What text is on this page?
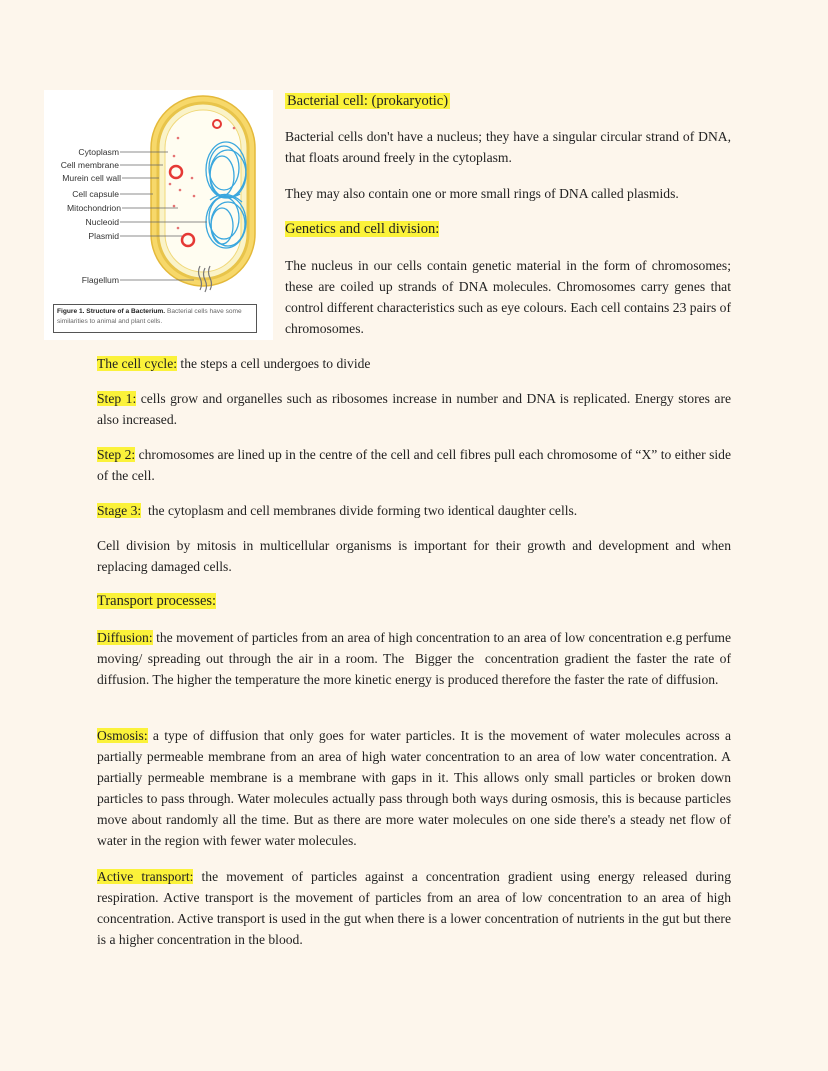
Cytoplasm
Cell membrane
Murein cell wall
Cell capsule
Mitochondrion
Nucleoid
Plasmid
Flagellum
Figure 1. Structure of a Bacterium. Bacterial cells have some similarities to animal and plant cells.

Bacterial cell: (prokaryotic)

Bacterial cells don't have a nucleus; they have a singular circular strand of DNA, that floats around freely in the cytoplasm.

They may also contain one or more small rings of DNA called plasmids.

Genetics and cell division:

The nucleus in our cells contain genetic material in the form of chromosomes; these are coiled up strands of DNA molecules. Chromosomes carry genes that control different characteristics such as eye colours. Each cell contains 23 pairs of chromosomes.

The cell cycle: the steps a cell undergoes to divide

Step 1: cells grow and organelles such as ribosomes increase in number and DNA is replicated. Energy stores are also increased.

Step 2: chromosomes are lined up in the centre of the cell and cell fibres pull each chromosome of “X” to either side of the cell.

Stage 3:  the cytoplasm and cell membranes divide forming two identical daughter cells.

Cell division by mitosis in multicellular organisms is important for their growth and development and when replacing damaged cells.

Transport processes:

Diffusion: the movement of particles from an area of high concentration to an area of low concentration e.g perfume moving/ spreading out through the air in a room. The  Bigger the  concentration gradient the faster the rate of diffusion. The higher the temperature the more kinetic energy is produced therefore the faster the rate of diffusion.

Osmosis: a type of diffusion that only goes for water particles. It is the movement of water molecules across a partially permeable membrane from an area of high water concentration to an area of low water concentration. A partially permeable membrane is a membrane with gaps in it. This allows only small particles or broken down particles to pass through. Water molecules actually pass through both ways during osmosis, this is because particles move about randomly all the time. But as there are more water molecules on one side there's a steady net flow of water in the region with fewer water molecules.

Active transport: the movement of particles against a concentration gradient using energy released during respiration. Active transport is the movement of particles from an area of low concentration to an area of high concentration. Active transport is used in the gut when there is a lower concentration of nutrients in the gut but there is a higher concentration in the blood.
